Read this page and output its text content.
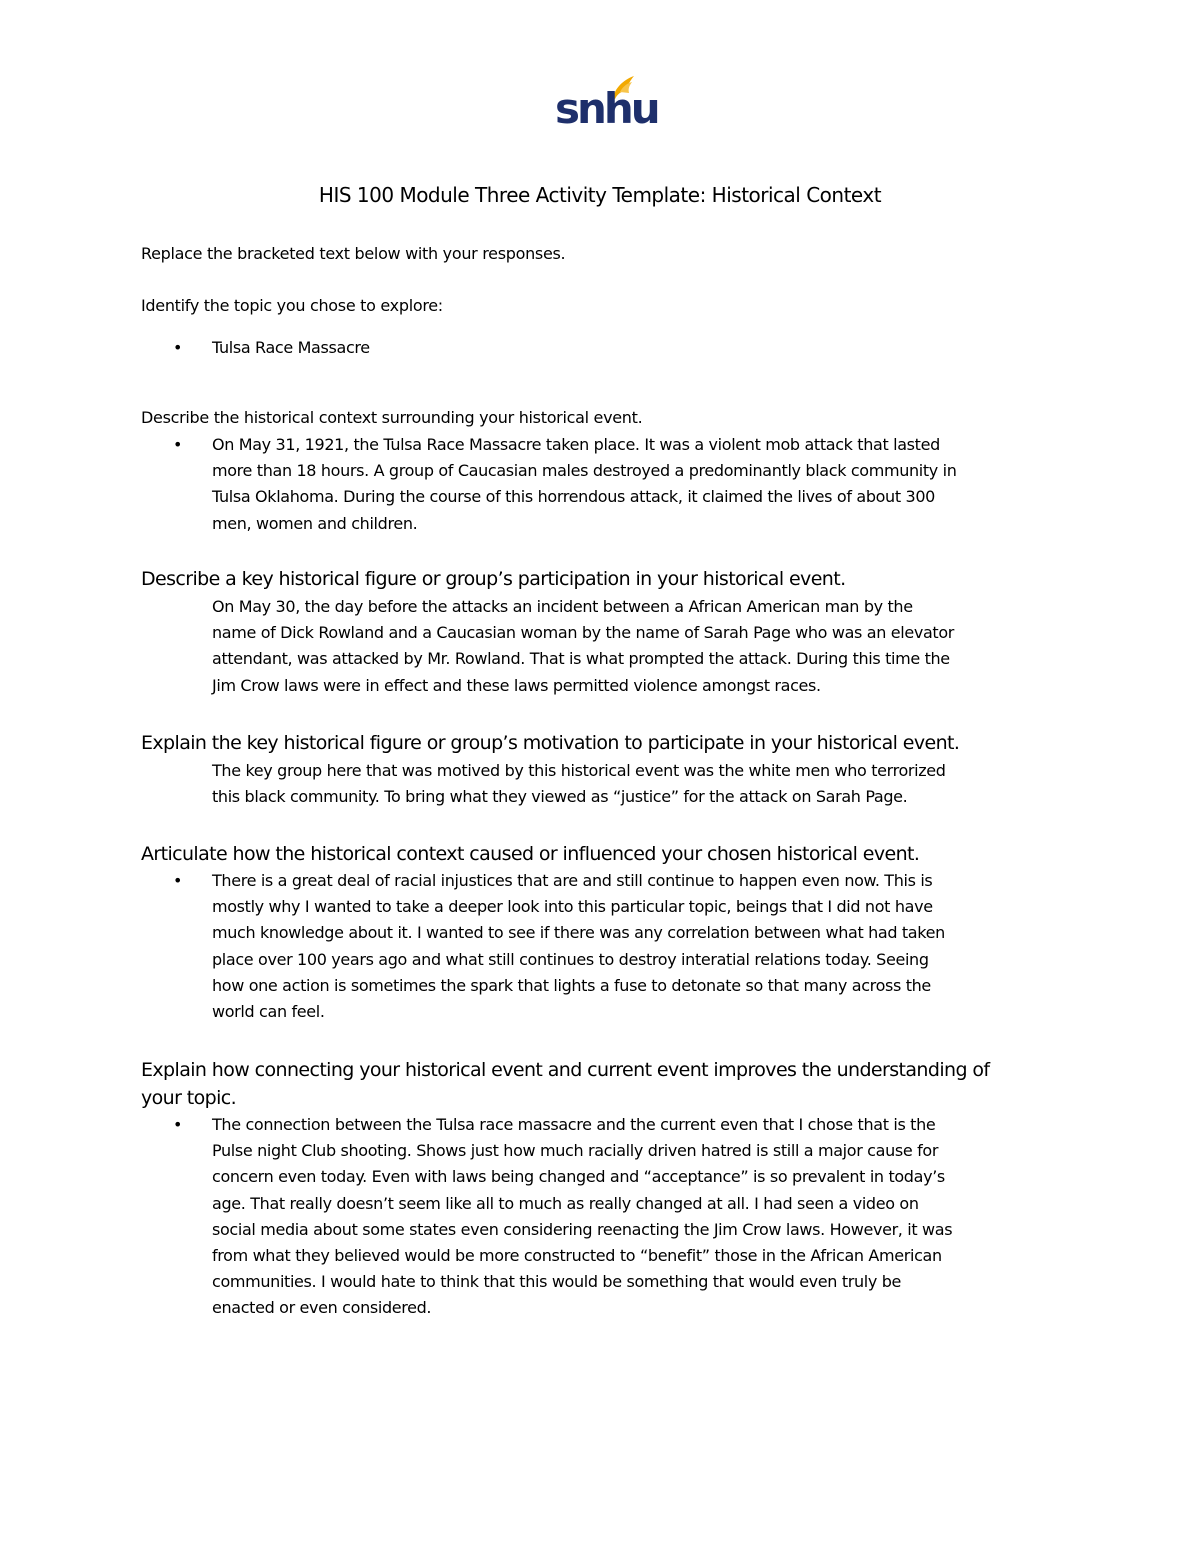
snhu
HIS 100 Module Three Activity Template: Historical Context
Replace the bracketed text below with your responses.
Identify the topic you chose to explore:
• Tulsa Race Massacre
Describe the historical context surrounding your historical event.
• On May 31, 1921, the Tulsa Race Massacre taken place. It was a violent mob attack that lasted
more than 18 hours. A group of Caucasian males destroyed a predominantly black community in
Tulsa Oklahoma. During the course of this horrendous attack, it claimed the lives of about 300
men, women and children.
Describe a key historical figure or group’s participation in your historical event.
On May 30, the day before the attacks an incident between a African American man by the
name of Dick Rowland and a Caucasian woman by the name of Sarah Page who was an elevator
attendant, was attacked by Mr. Rowland. That is what prompted the attack. During this time the
Jim Crow laws were in effect and these laws permitted violence amongst races.
Explain the key historical figure or group’s motivation to participate in your historical event.
The key group here that was motived by this historical event was the white men who terrorized
this black community. To bring what they viewed as “justice” for the attack on Sarah Page.
Articulate how the historical context caused or influenced your chosen historical event.
• There is a great deal of racial injustices that are and still continue to happen even now. This is
mostly why I wanted to take a deeper look into this particular topic, beings that I did not have
much knowledge about it. I wanted to see if there was any correlation between what had taken
place over 100 years ago and what still continues to destroy interatial relations today. Seeing
how one action is sometimes the spark that lights a fuse to detonate so that many across the
world can feel.
Explain how connecting your historical event and current event improves the understanding of
your topic.
• The connection between the Tulsa race massacre and the current even that I chose that is the
Pulse night Club shooting. Shows just how much racially driven hatred is still a major cause for
concern even today. Even with laws being changed and “acceptance” is so prevalent in today’s
age. That really doesn’t seem like all to much as really changed at all. I had seen a video on
social media about some states even considering reenacting the Jim Crow laws. However, it was
from what they believed would be more constructed to “benefit” those in the African American
communities. I would hate to think that this would be something that would even truly be
enacted or even considered.
